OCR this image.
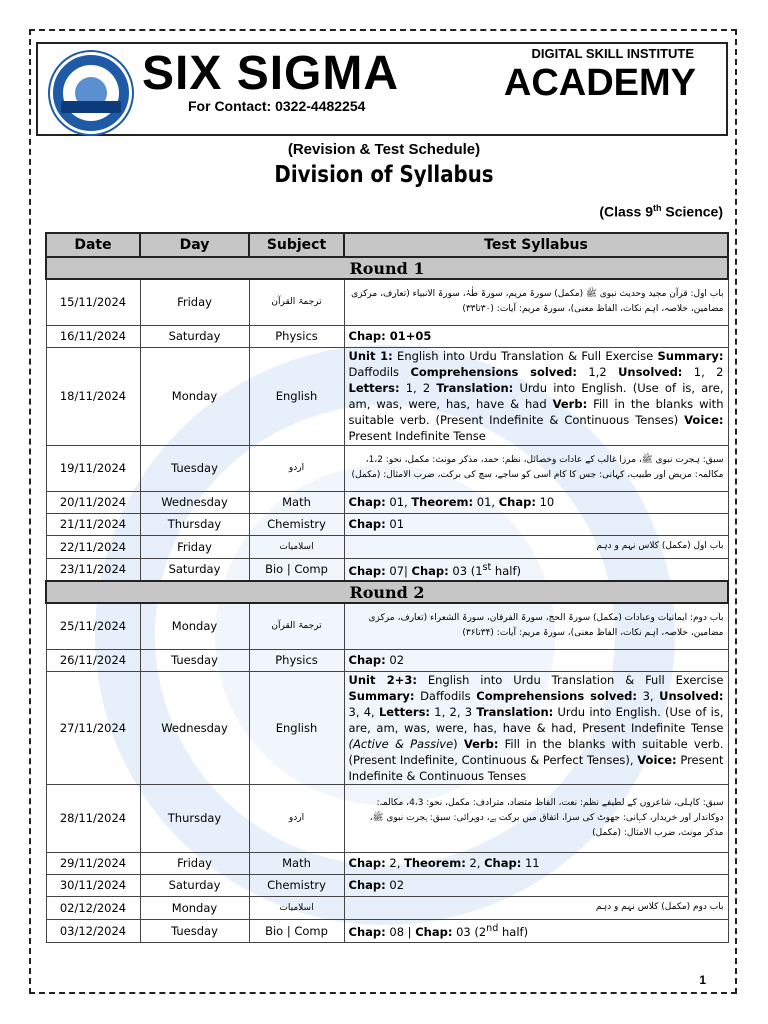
SIX SIGMA
For Contact: 0322-4482254
DIGITAL SKILL INSTITUTE
ACADEMY
(Revision & Test Schedule)
Division of Syllabus
(Class 9th Science)
Date	Day	Subject	Test Syllabus
Round 1			
15/11/2024	Friday	ترجمۃ القرآن	باب اول: قرآن مجید وحدیث نبوی ﷺ (مکمل) سورۃ مریم، سورۃ طٰہٰ، سورۃ الانبیاء (تعارف، مرکزی مضامین، خلاصہ، اہم نکات، الفاظ معنی)، سورۃ مریم: آیات: (۳۰تا۳۳)
16/11/2024	Saturday	Physics	Chap: 01+05
18/11/2024	Monday	English	Unit 1: English into Urdu Translation & Full Exercise Summary: Daffodils Comprehensions solved: 1,2 Unsolved: 1, 2 Letters: 1, 2 Translation: Urdu into English. (Use of is, are, am, was, were, has, have & had Verb: Fill in the blanks with suitable verb. (Present Indefinite & Continuous Tenses) Voice: Present Indefinite Tense
19/11/2024	Tuesday	اردو	سبق: ہجرت نبوی ﷺ، مرزا غالب کے عادات وخصائل، نظم: حمد، مذکر مونث: مکمل، نحو: 1،2، مکالمہ: مریض اور طبیب، کہانی: جس کا کام اسی کو ساجے، سچ کی برکت، ضرب الامثال: (مکمل)
20/11/2024	Wednesday	Math	Chap: 01, Theorem: 01, Chap: 10
21/11/2024	Thursday	Chemistry	Chap: 01
22/11/2024	Friday	اسلامیات	باب اول (مکمل) کلاس نہم و دہم
23/11/2024	Saturday	Bio | Comp	Chap: 07| Chap: 03 (1st half)
Round 2			
25/11/2024	Monday	ترجمۃ القرآن	باب دوم: ایمانیات وعبادات (مکمل) سورۃ الحج، سورۃ الفرقان، سورۃ الشعراء (تعارف، مرکزی مضامین، خلاصہ، اہم نکات، الفاظ معنی)، سورۃ مریم: آیات: (۳۴تا۳۶)
26/11/2024	Tuesday	Physics	Chap: 02
27/11/2024	Wednesday	English	Unit 2+3: English into Urdu Translation & Full Exercise Summary: Daffodils Comprehensions solved: 3, Unsolved: 3, 4, Letters: 1, 2, 3 Translation: Urdu into English. (Use of is, are, am, was, were, has, have & had, Present Indefinite Tense (Active & Passive) Verb: Fill in the blanks with suitable verb. (Present Indefinite, Continuous & Perfect Tenses), Voice: Present Indefinite & Continuous Tenses
28/11/2024	Thursday	اردو	سبق: کاہلی، شاعروں کے لطیفے نظم: نعت، الفاظ متضاد، مترادف: مکمل، نحو: 4،3، مکالمہ: دوکاندار اور خریدار، کہانی: جھوٹ کی سزا، اتفاق میں برکت ہے، دوہرائی: سبق: ہجرت نبوی ﷺ، مذکر مونث، ضرب الامثال: (مکمل)
29/11/2024	Friday	Math	Chap: 2, Theorem: 2, Chap: 11
30/11/2024	Saturday	Chemistry	Chap: 02
02/12/2024	Monday	اسلامیات	باب دوم (مکمل) کلاس نہم و دہم
03/12/2024	Tuesday	Bio | Comp	Chap: 08 | Chap: 03 (2nd half)
1
